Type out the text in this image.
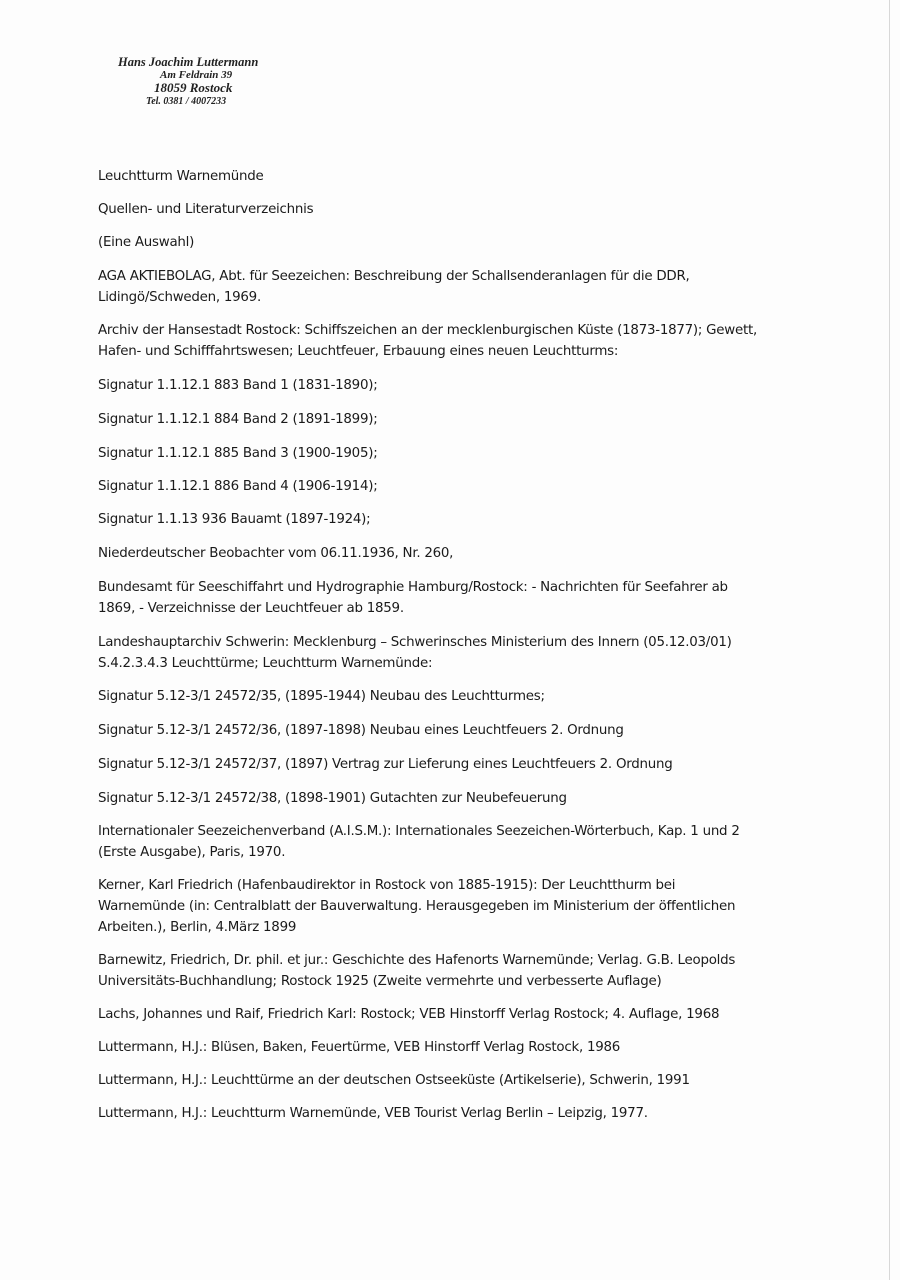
Hans Joachim Luttermann
Am Feldrain 39
18059 Rostock
Tel. 0381 / 4007233

Leuchtturm Warnemünde

Quellen- und Literaturverzeichnis

(Eine Auswahl)

AGA AKTIEBOLAG, Abt. für Seezeichen: Beschreibung der Schallsenderanlagen für die DDR,

Lidingö/Schweden, 1969.

Archiv der Hansestadt Rostock: Schiffszeichen an der mecklenburgischen Küste (1873-1877); Gewett,

Hafen- und Schifffahrtswesen; Leuchtfeuer, Erbauung eines neuen Leuchtturms:

Signatur 1.1.12.1 883 Band 1 (1831-1890);

Signatur 1.1.12.1 884 Band 2 (1891-1899);

Signatur 1.1.12.1 885 Band 3 (1900-1905);

Signatur 1.1.12.1 886 Band 4 (1906-1914);

Signatur 1.1.13 936 Bauamt (1897-1924);

Niederdeutscher Beobachter vom 06.11.1936, Nr. 260,

Bundesamt für Seeschiffahrt und Hydrographie Hamburg/Rostock: - Nachrichten für Seefahrer ab

1869, - Verzeichnisse der Leuchtfeuer ab 1859.

Landeshauptarchiv Schwerin: Mecklenburg – Schwerinsches Ministerium des Innern (05.12.03/01)

S.4.2.3.4.3 Leuchttürme; Leuchtturm Warnemünde:

Signatur 5.12-3/1 24572/35, (1895-1944) Neubau des Leuchtturmes;

Signatur 5.12-3/1 24572/36, (1897-1898) Neubau eines Leuchtfeuers 2. Ordnung

Signatur 5.12-3/1 24572/37, (1897) Vertrag zur Lieferung eines Leuchtfeuers 2. Ordnung

Signatur 5.12-3/1 24572/38, (1898-1901) Gutachten zur Neubefeuerung

Internationaler Seezeichenverband (A.I.S.M.): Internationales Seezeichen-Wörterbuch, Kap. 1 und 2

(Erste Ausgabe), Paris, 1970.

Kerner, Karl Friedrich (Hafenbaudirektor in Rostock von 1885-1915): Der Leuchtthurm bei

Warnemünde (in: Centralblatt der Bauverwaltung. Herausgegeben im Ministerium der öffentlichen

Arbeiten.), Berlin, 4.März 1899

Barnewitz, Friedrich, Dr. phil. et jur.: Geschichte des Hafenorts Warnemünde; Verlag. G.B. Leopolds

Universitäts-Buchhandlung; Rostock 1925 (Zweite vermehrte und verbesserte Auflage)

Lachs, Johannes und Raif, Friedrich Karl: Rostock; VEB Hinstorff Verlag Rostock; 4. Auflage, 1968

Luttermann, H.J.: Blüsen, Baken, Feuertürme, VEB Hinstorff Verlag Rostock, 1986

Luttermann, H.J.: Leuchttürme an der deutschen Ostseeküste (Artikelserie), Schwerin, 1991

Luttermann, H.J.: Leuchtturm Warnemünde, VEB Tourist Verlag Berlin – Leipzig, 1977.
